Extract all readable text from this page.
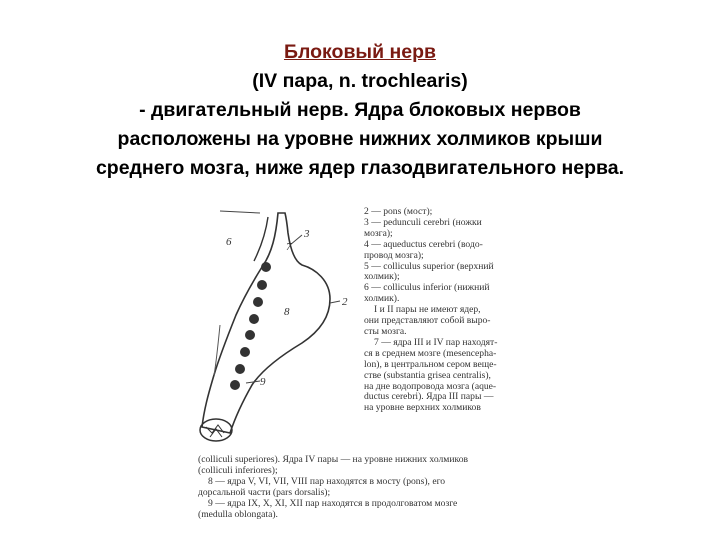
Блоковый нерв
(IV пара, n. trochlearis)
- двигательный нерв. Ядра блоковых нервов
расположены на уровне нижних холмиков крыши
среднего мозга, ниже ядер глазодвигательного нерва.
6	7
3
8
2
9
2 — pons (мост);
3 — pedunculi cerebri (ножки
мозга);
4 — aqueductus cerebri (водо-
провод мозга);
5 — colliculus superior (верхний
холмик);
6 — colliculus inferior (нижний
холмик).
I и II пары не имеют ядер,
они представляют собой выро-
сты мозга.
7 — ядра III и IV пар находят-
ся в среднем мозге (mesencepha-
lon), в центральном сером веще-
стве (substantia grisea centralis),
на дне водопровода мозга (aque-
ductus cerebri). Ядра III пары —
на уровне верхних холмиков
(colliculi superiores). Ядра IV пары — на уровне нижних холмиков
(colliculi inferiores);
8 — ядра V, VI, VII, VIII пар находятся в мосту (pons), его
дорсальной части (pars dorsalis);
9 — ядра IX, X, XI, XII пар находятся в продолговатом мозге
(medulla oblongata).
